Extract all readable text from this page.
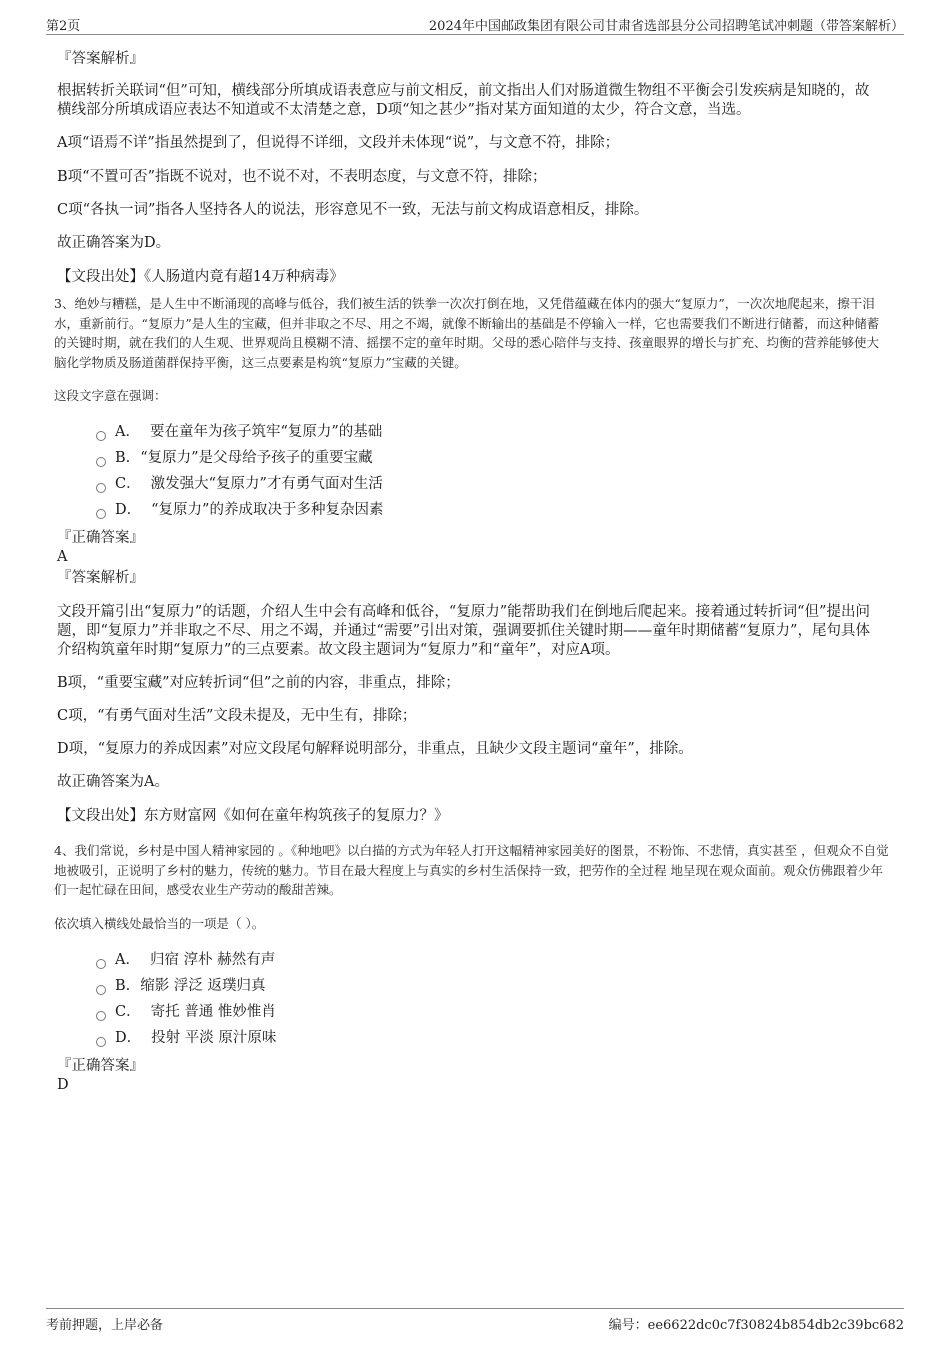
第2页	2024年中国邮政集团有限公司甘肃省选部县分公司招聘笔试冲刺题（带答案解析）

『答案解析』

根据转折关联词“但”可知，横线部分所填成语表意应与前文相反，前文指出人们对肠道微生物组不平衡会引发疾病是知晓的，故横线部分所填成语应表达不知道或不太清楚之意，D项“知之甚少”指对某方面知道的太少，符合文意，当选。

A项“语焉不详”指虽然提到了，但说得不详细，文段并未体现“说”，与文意不符，排除；

B项“不置可否”指既不说对，也不说不对，不表明态度，与文意不符，排除；

C项“各执一词”指各人坚持各人的说法，形容意见不一致，无法与前文构成语意相反，排除。

故正确答案为D。

【文段出处】《人肠道内竟有超14万种病毒》

3、绝妙与糟糕，是人生中不断涌现的高峰与低谷，我们被生活的铁拳一次次打倒在地，又凭借蕴藏在体内的强大“复原力”，一次次地爬起来，擦干泪水，重新前行。“复原力”是人生的宝藏，但并非取之不尽、用之不竭，就像不断输出的基础是不停输入一样，它也需要我们不断进行储蓄，而这种储蓄的关键时期，就在我们的人生观、世界观尚且模糊不清、摇摆不定的童年时期。父母的悉心陪伴与支持、孩童眼界的增长与扩充、均衡的营养能够使大脑化学物质及肠道菌群保持平衡，这三点要素是构筑“复原力”宝藏的关键。

这段文字意在强调：

A． 要在童年为孩子筑牢“复原力”的基础
B. “复原力”是父母给予孩子的重要宝藏
C． 激发强大“复原力”才有勇气面对生活
D． “复原力”的养成取决于多种复杂因素

『正确答案』

A

『答案解析』

文段开篇引出“复原力”的话题，介绍人生中会有高峰和低谷，“复原力”能帮助我们在倒地后爬起来。接着通过转折词“但”提出问题，即“复原力”并非取之不尽、用之不竭，并通过“需要”引出对策，强调要抓住关键时期——童年时期储蓄“复原力”，尾句具体介绍构筑童年时期“复原力”的三点要素。故文段主题词为“复原力”和“童年”，对应A项。

B项，“重要宝藏”对应转折词“但”之前的内容，非重点，排除；

C项，“有勇气面对生活”文段未提及，无中生有，排除；

D项，“复原力的养成因素”对应文段尾句解释说明部分，非重点，且缺少文段主题词“童年”，排除。

故正确答案为A。

【文段出处】东方财富网《如何在童年构筑孩子的复原力？》

4、我们常说，乡村是中国人精神家园的 。《种地吧》以白描的方式为年轻人打开这幅精神家园美好的图景，不粉饰、不悲情，真实甚至 ，但观众不自觉地被吸引，正说明了乡村的魅力，传统的魅力。节目在最大程度上与真实的乡村生活保持一致，把劳作的全过程 地呈现在观众面前。观众仿佛跟着少年们一起忙碌在田间，感受农业生产劳动的酸甜苦辣。

依次填入横线处最恰当的一项是（ ）。

A． 归宿 淳朴 赫然有声
B. 缩影 浮泛 返璞归真
C． 寄托 普通 惟妙惟肖
D． 投射 平淡 原汁原味

『正确答案』

D

考前押题，上岸必备	编号：ee6622dc0c7f30824b854db2c39bc682
